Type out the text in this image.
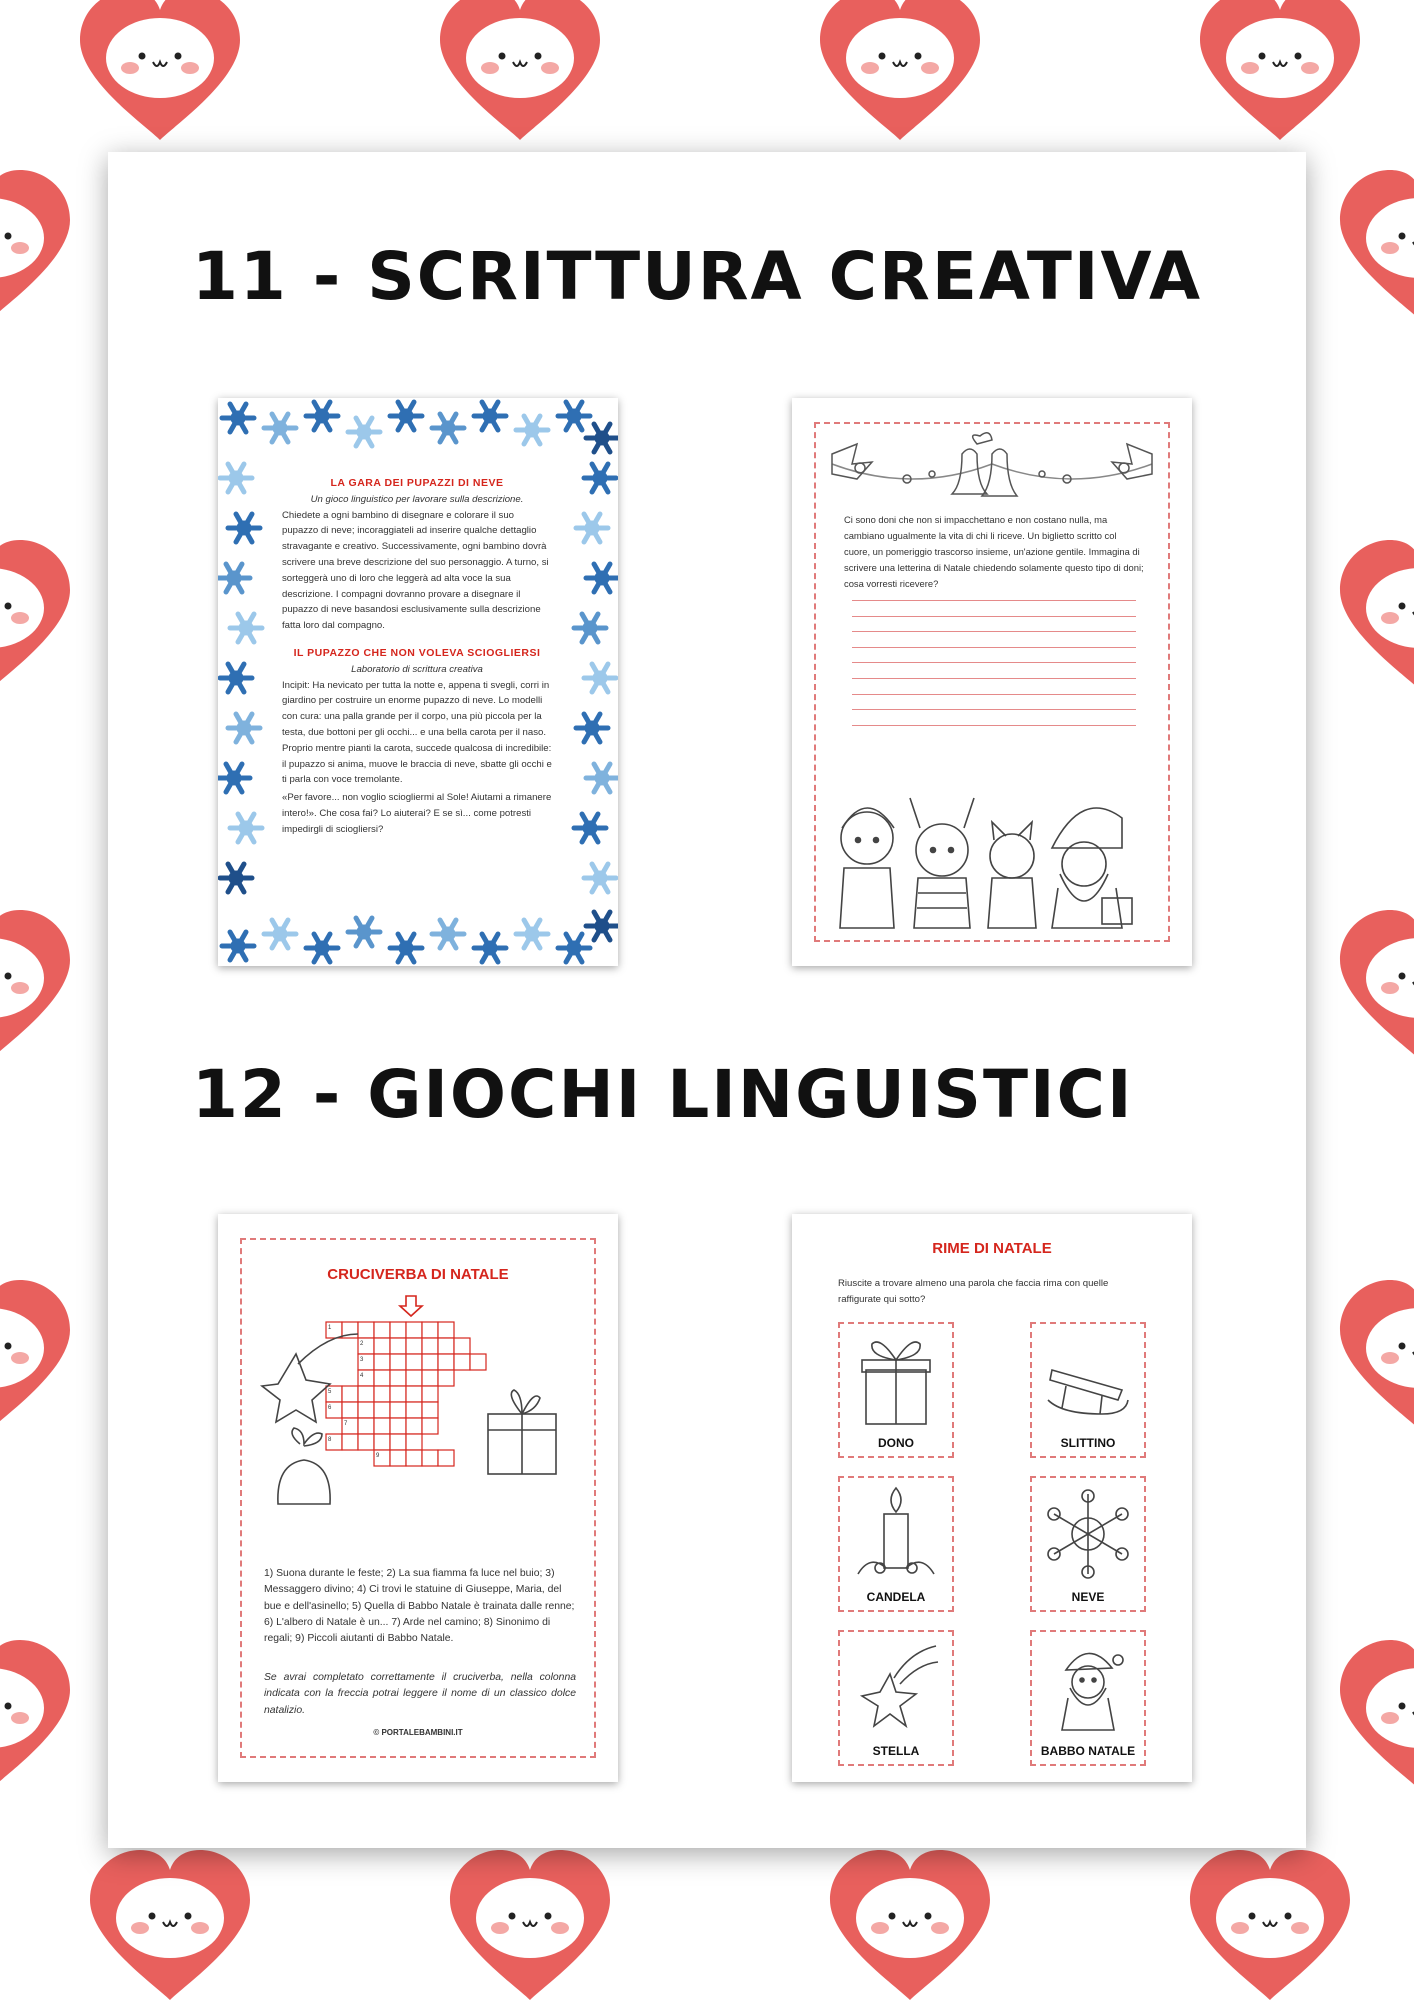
11 - SCRITTURA CREATIVA
12 - GIOCHI LINGUISTICI
LA GARA DEI PUPAZZI DI NEVE
Un gioco linguistico per lavorare sulla descrizione.

Chiedete a ogni bambino di disegnare e colorare il suo pupazzo di neve; incoraggiateli ad inserire qualche dettaglio stravagante e creativo. Successivamente, ogni bambino dovrà scrivere una breve descrizione del suo personaggio. A turno, si sorteggerà uno di loro che leggerà ad alta voce la sua descrizione. I compagni dovranno provare a disegnare il pupazzo di neve basandosi esclusivamente sulla descrizione fatta loro dal compagno.

IL PUPAZZO CHE NON VOLEVA SCIOGLIERSI
Laboratorio di scrittura creativa

Incipit: Ha nevicato per tutta la notte e, appena ti svegli, corri in giardino per costruire un enorme pupazzo di neve. Lo modelli con cura: una palla grande per il corpo, una più piccola per la testa, due bottoni per gli occhi... e una bella carota per il naso. Proprio mentre pianti la carota, succede qualcosa di incredibile: il pupazzo si anima, muove le braccia di neve, sbatte gli occhi e ti parla con voce tremolante.

«Per favore... non voglio sciogliermi al Sole! Aiutami a rimanere intero!». Che cosa fai? Lo aiuterai? E se sì... come potresti impedirgli di sciogliersi?

Ci sono doni che non si impacchettano e non costano nulla, ma cambiano ugualmente la vita di chi li riceve. Un biglietto scritto col cuore, un pomeriggio trascorso insieme, un'azione gentile. Immagina di scrivere una letterina di Natale chiedendo solamente questo tipo di doni; cosa vorresti ricevere?
CRUCIVERBA DI NATALE
1
2
3
4
5
6
7
8
9
1) Suona durante le feste; 2) La sua fiamma fa luce nel buio; 3) Messaggero divino; 4) Ci trovi le statuine di Giuseppe, Maria, del bue e dell'asinello; 5) Quella di Babbo Natale è trainata dalle renne; 6) L'albero di Natale è un... 7) Arde nel camino; 8) Sinonimo di regali; 9) Piccoli aiutanti di Babbo Natale.
Se avrai completato correttamente il cruciverba, nella colonna indicata con la freccia potrai leggere il nome di un classico dolce natalizio.
© PORTALEBAMBINI.IT
RIME DI NATALE
Riuscite a trovare almeno una parola che faccia rima con quelle raffigurate qui sotto?
DONO	SLITTINO
CANDELA	NEVE
STELLA	BABBO NATALE
